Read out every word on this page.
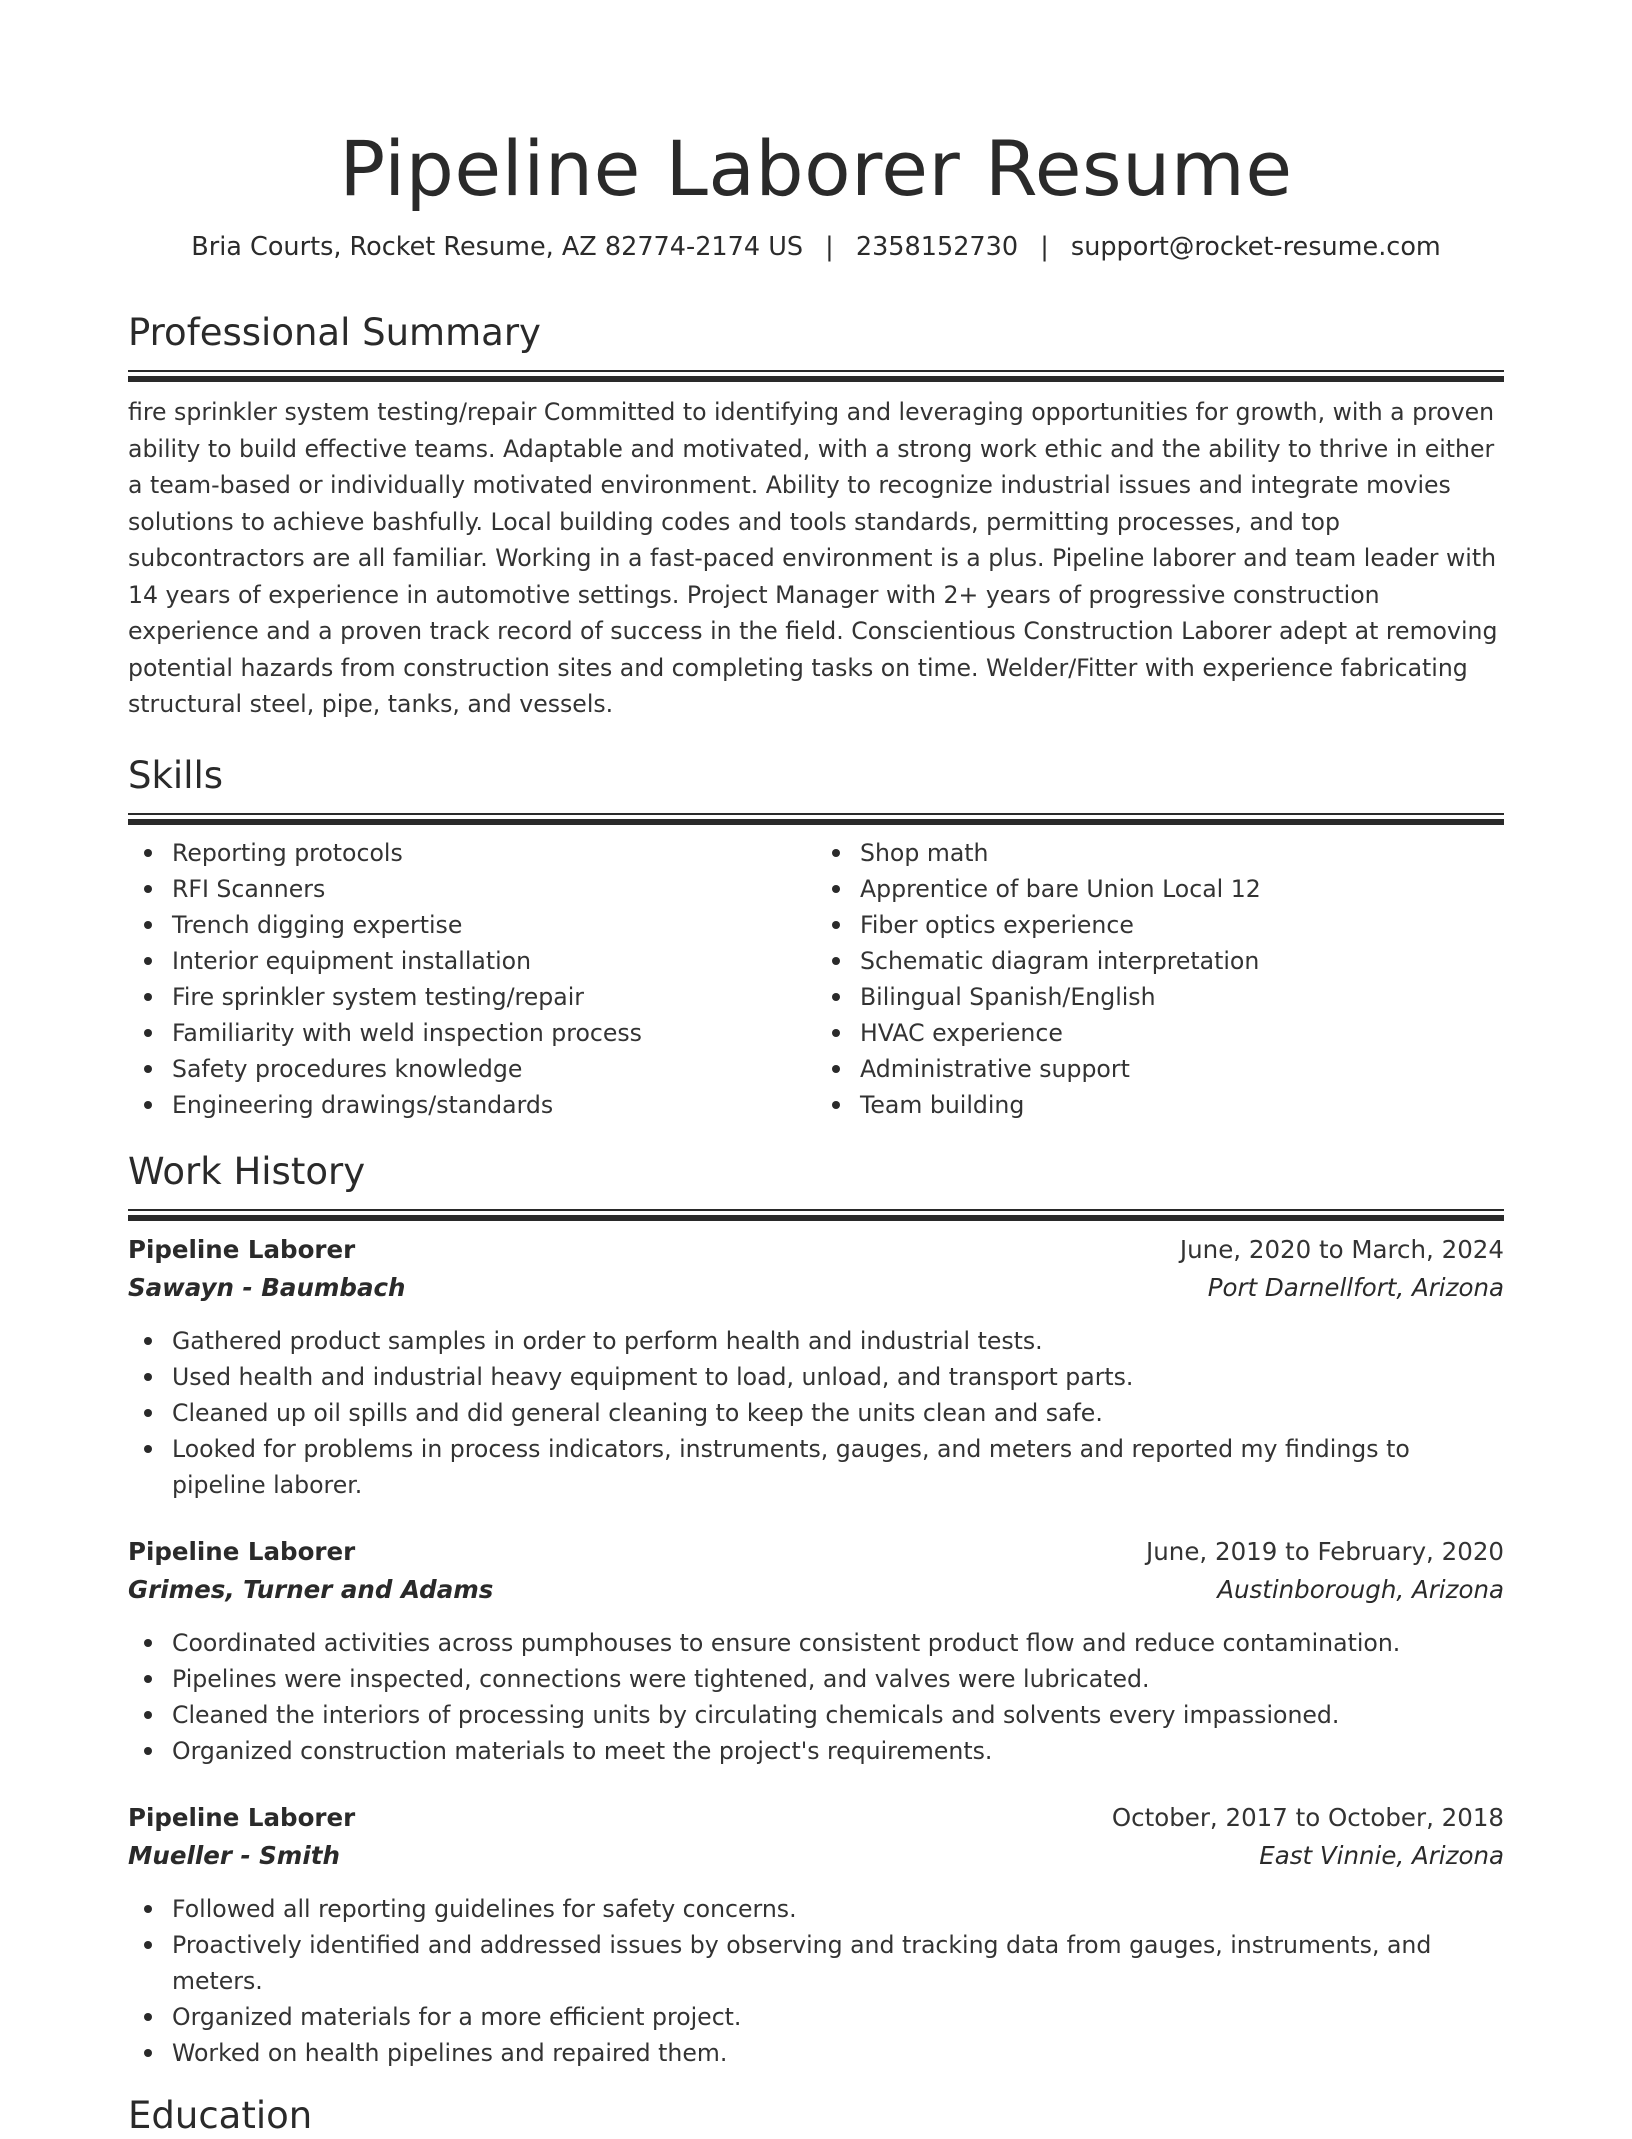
Pipeline Laborer Resume
Bria Courts, Rocket Resume, AZ 82774-2174 US | 2358152730 | support@rocket-resume.com
Professional Summary

fire sprinkler system testing/repair Committed to identifying and leveraging opportunities for growth, with a proven ability to build effective teams. Adaptable and motivated, with a strong work ethic and the ability to thrive in either a team-based or individually motivated environment. Ability to recognize industrial issues and integrate movies solutions to achieve bashfully. Local building codes and tools standards, permitting processes, and top subcontractors are all familiar. Working in a fast-paced environment is a plus. Pipeline laborer and team leader with 14 years of experience in automotive settings. Project Manager with 2+ years of progressive construction experience and a proven track record of success in the field. Conscientious Construction Laborer adept at removing potential hazards from construction sites and completing tasks on time. Welder/Fitter with experience fabricating structural steel, pipe, tanks, and vessels.

Skills
Reporting protocols
RFI Scanners
Trench digging expertise
Interior equipment installation
Fire sprinkler system testing/repair
Familiarity with weld inspection process
Safety procedures knowledge
Engineering drawings/standards
Shop math
Apprentice of bare Union Local 12
Fiber optics experience
Schematic diagram interpretation
Bilingual Spanish/English
HVAC experience
Administrative support
Team building
Work History
Pipeline Laborer	June, 2020 to March, 2024
Sawayn - Baumbach	Port Darnellfort, Arizona
Gathered product samples in order to perform health and industrial tests.
Used health and industrial heavy equipment to load, unload, and transport parts.
Cleaned up oil spills and did general cleaning to keep the units clean and safe.
Looked for problems in process indicators, instruments, gauges, and meters and reported my findings to pipeline laborer.
Pipeline Laborer	June, 2019 to February, 2020
Grimes, Turner and Adams	Austinborough, Arizona
Coordinated activities across pumphouses to ensure consistent product flow and reduce contamination.
Pipelines were inspected, connections were tightened, and valves were lubricated.
Cleaned the interiors of processing units by circulating chemicals and solvents every impassioned.
Organized construction materials to meet the project's requirements.
Pipeline Laborer	October, 2017 to October, 2018
Mueller - Smith	East Vinnie, Arizona
Followed all reporting guidelines for safety concerns.
Proactively identified and addressed issues by observing and tracking data from gauges, instruments, and meters.
Organized materials for a more efficient project.
Worked on health pipelines and repaired them.
Education
